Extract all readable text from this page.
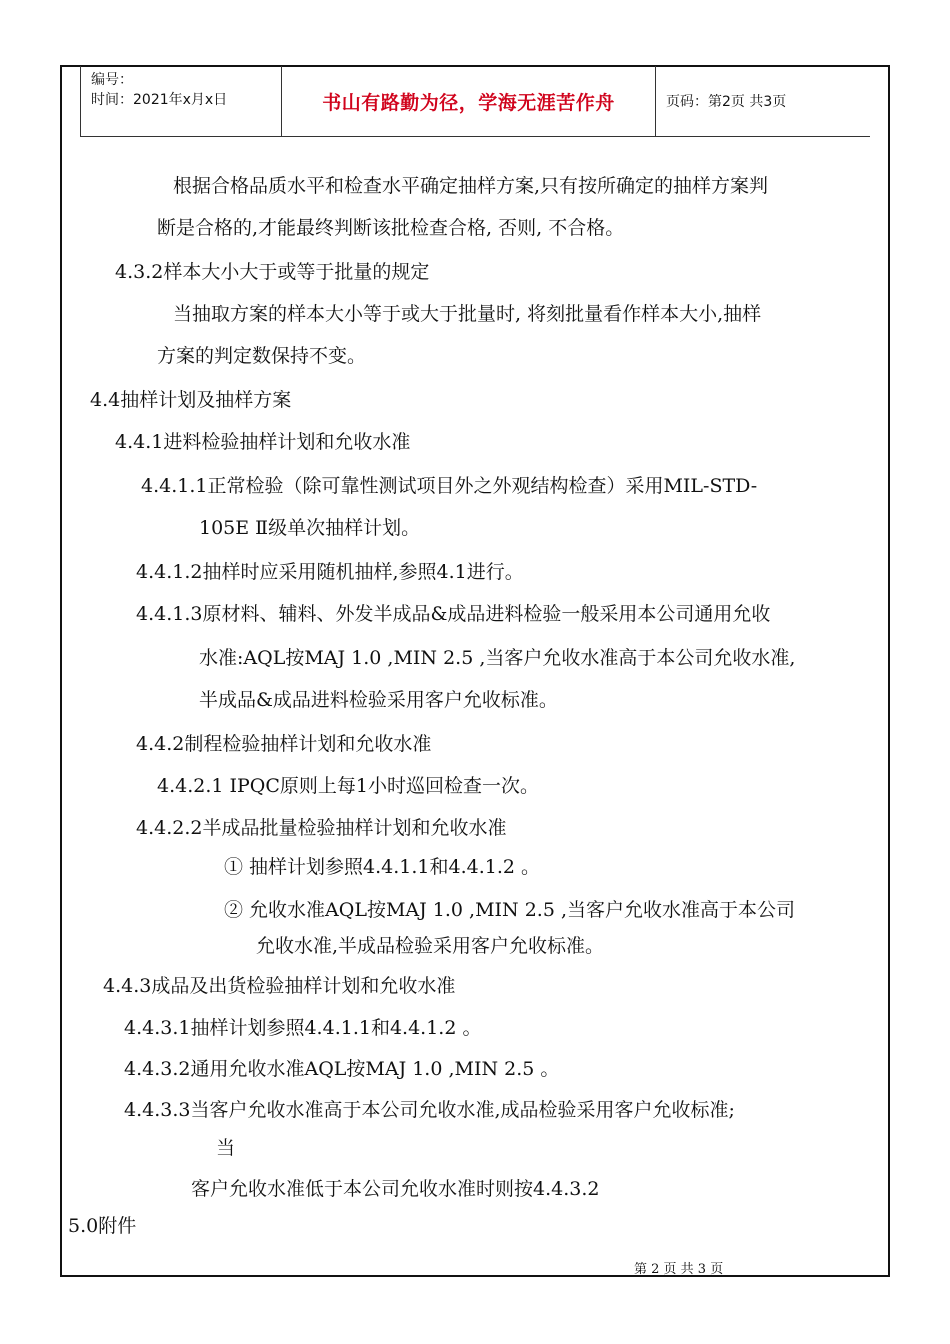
编号：
时间：2021年x月x日	书山有路勤为径，学海无涯苦作舟	页码：第2页 共3页
根据合格品质水平和检查水平确定抽样方案,只有按所确定的抽样方案判
断是合格的,才能最终判断该批检查合格, 否则, 不合格。
4.3.2样本大小大于或等于批量的规定
当抽取方案的样本大小等于或大于批量时, 将刻批量看作样本大小,抽样
方案的判定数保持不变。
4.4抽样计划及抽样方案
4.4.1进料检验抽样计划和允收水准
4.4.1.1正常检验（除可靠性测试项目外之外观结构检查）采用MIL-STD-
105E Ⅱ级单次抽样计划。
4.4.1.2抽样时应采用随机抽样,参照4.1进行。
4.4.1.3原材料、辅料、外发半成品&成品进料检验一般采用本公司通用允收
水准:AQL按MAJ 1.0 ,MIN 2.5 ,当客户允收水准高于本公司允收水准,
半成品&成品进料检验采用客户允收标准。
4.4.2制程检验抽样计划和允收水准
4.4.2.1 IPQC原则上每1小时巡回检查一次。
4.4.2.2半成品批量检验抽样计划和允收水准
① 抽样计划参照4.4.1.1和4.4.1.2 。
② 允收水准AQL按MAJ 1.0 ,MIN 2.5 ,当客户允收水准高于本公司
允收水准,半成品检验采用客户允收标准。
4.4.3成品及出货检验抽样计划和允收水准
4.4.3.1抽样计划参照4.4.1.1和4.4.1.2 。
4.4.3.2通用允收水准AQL按MAJ 1.0 ,MIN 2.5 。
4.4.3.3当客户允收水准高于本公司允收水准,成品检验采用客户允收标准;
当
客户允收水准低于本公司允收水准时则按4.4.3.2
5.0附件
第 2 页 共 3 页
